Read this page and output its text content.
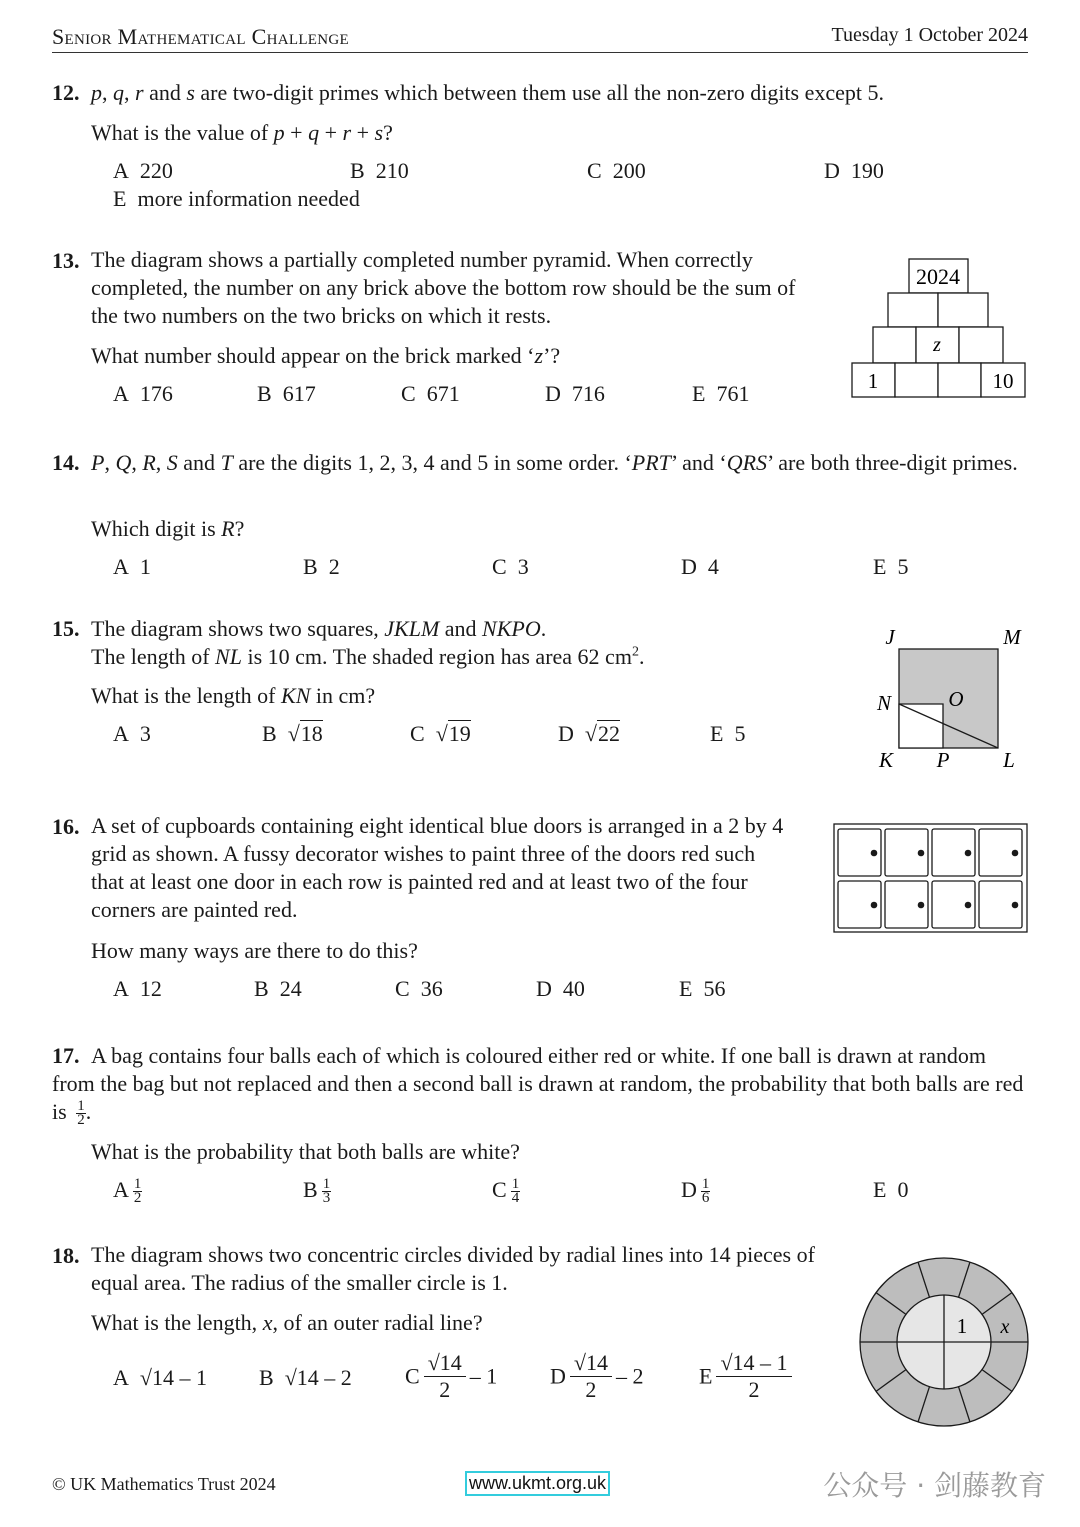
Senior Mathematical Challenge	Tuesday 1 October 2024
12. p, q, r and s are two-digit primes which between them use all the non-zero digits except 5.
What is the value of p + q + r + s?
A 220	B 210	C 200	D 190
E more information needed
13. The diagram shows a partially completed number pyramid. When correctly completed, the number on any brick above the bottom row should be the sum of the two numbers on the two bricks on which it rests.
What number should appear on the brick marked ‘z’?
A 176	B 617	C 671	D 716	E 761
2024
z
1	10
14. P, Q, R, S and T are the digits 1, 2, 3, 4 and 5 in some order. ‘PRT’ and ‘QRS’ are both three-digit primes.
Which digit is R?
A 1	B 2	C 3	D 4	E 5
15. The diagram shows two squares, JKLM and NKPO.
The length of NL is 10 cm. The shaded region has area 62 $cm^2$.
What is the length of KN in cm?
A 3	B  √18	C  √19	D  √22	E 5
J	M
N	O
K P	L
16. A set of cupboards containing eight identical blue doors is arranged in a 2 by 4 grid as shown. A fussy decorator wishes to paint three of the doors red such that at least one door in each row is painted red and at least two of the four corners are painted red.
How many ways are there to do this?
A 12	B 24	C 36	D 40	E 56
17. A bag contains four balls each of which is coloured either red or white. If one ball is drawn at random from the bag but not replaced and then a second ball is drawn at random, the probability that both balls are red is $\frac{1}{2}$ .
What is the probability that both balls are white?
A $\frac{1}{2}$	B $\frac{1}{3}$	C $\frac{1}{4}$	D $\frac{1}{6}$	E 0
18. The diagram shows two concentric circles divided by radial lines into 14 pieces of equal area. The radius of the smaller circle is 1.
What is the length, x, of an outer radial line?
A √14 – 1 B √14 – 2 C $\frac{√14}{2} - 1$ D $\frac{√14}{2} - 2$	E $\frac{√14 - 1}{2}$
1 x
© UK Mathematics Trust 2024	www.ukmt.org.uk	公众号 · 剑藤教育
